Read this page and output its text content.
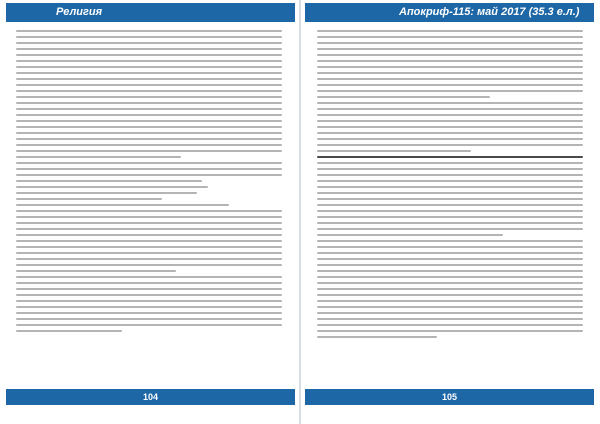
Религия
104
Апокриф-115: май 2017 (35.3 е.л.)
105
